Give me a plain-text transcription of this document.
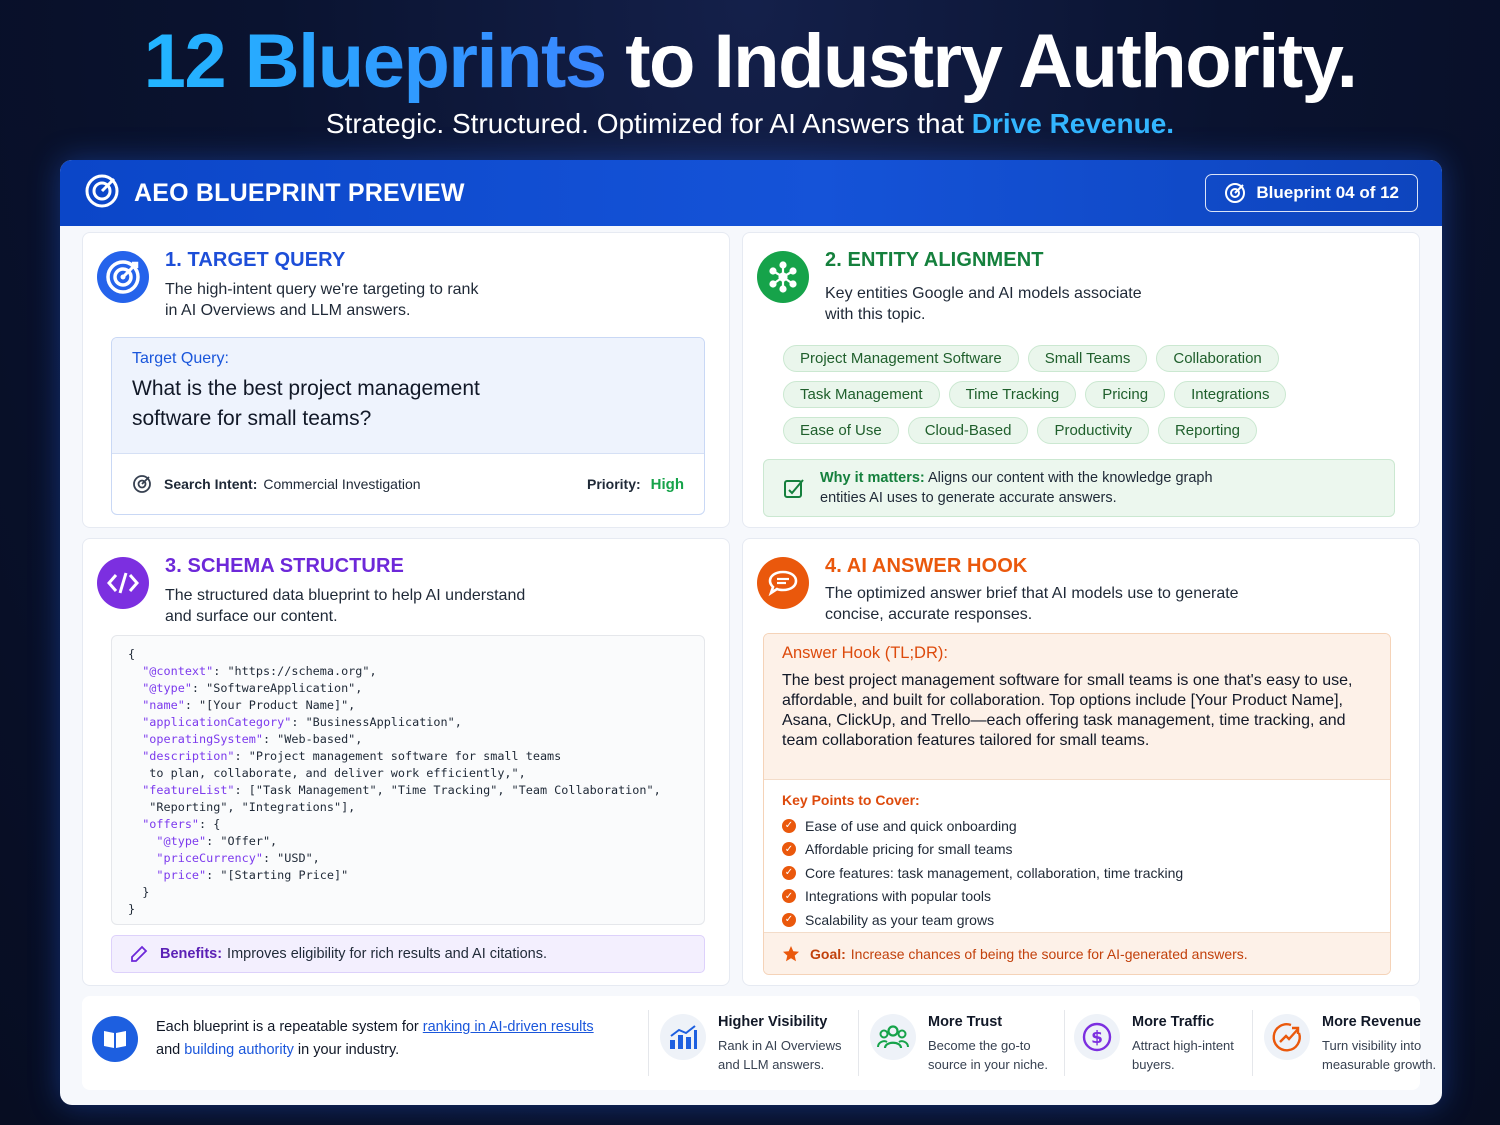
12 Blueprints to Industry Authority.
Strategic. Structured. Optimized for AI Answers that Drive Revenue.
AEO BLUEPRINT PREVIEW	Blueprint 04 of 12
1. TARGET QUERY
The high-intent query we're targeting to rank
in AI Overviews and LLM answers.
Target Query:
What is the best project management software for small teams?
Search Intent: Commercial Investigation	Priority: High
2. ENTITY ALIGNMENT
Key entities Google and AI models associate
with this topic.
Project Management Software	Small Teams	Collaboration
Task Management	Time Tracking	Pricing	Integrations
Ease of Use	Cloud-Based	Productivity	Reporting
Why it matters: Aligns our content with the knowledge graph
entities AI uses to generate accurate answers.
3. SCHEMA STRUCTURE
The structured data blueprint to help AI understand
and surface our content.
{
"@context": "https://schema.org",
"@type": "SoftwareApplication",
"name": "[Your Product Name]",
"applicationCategory": "BusinessApplication",
"operatingSystem": "Web-based",
"description": "Project management software for small teams
to plan, collaborate, and deliver work efficiently,",
"featureList": ["Task Management", "Time Tracking", "Team Collaboration",
"Reporting", "Integrations"],
"offers": {
"@type": "Offer",
"priceCurrency": "USD",
"price": "[Starting Price]"
}
}
Benefits: Improves eligibility for rich results and AI citations.
4. AI ANSWER HOOK
The optimized answer brief that AI models use to generate
concise, accurate responses.
Answer Hook (TL;DR):
The best project management software for small teams is one that's easy to use, affordable, and built for collaboration. Top options include [Your Product Name], Asana, ClickUp, and Trello—each offering task management, time tracking, and team collaboration features tailored for small teams.
Key Points to Cover:
✓ Ease of use and quick onboarding
✓ Affordable pricing for small teams
✓ Core features: task management, collaboration, time tracking
✓ Integrations with popular tools
✓ Scalability as your team grows
Goal: Increase chances of being the source for AI-generated answers.
Each blueprint is a repeatable system for ranking in AI-driven results
and building authority in your industry.
Higher Visibility
Rank in AI Overviews and LLM answers.
More Trust
Become the go-to source in your niche.
$
More Traffic
Attract high-intent buyers.
More Revenue
Turn visibility into measurable growth.
